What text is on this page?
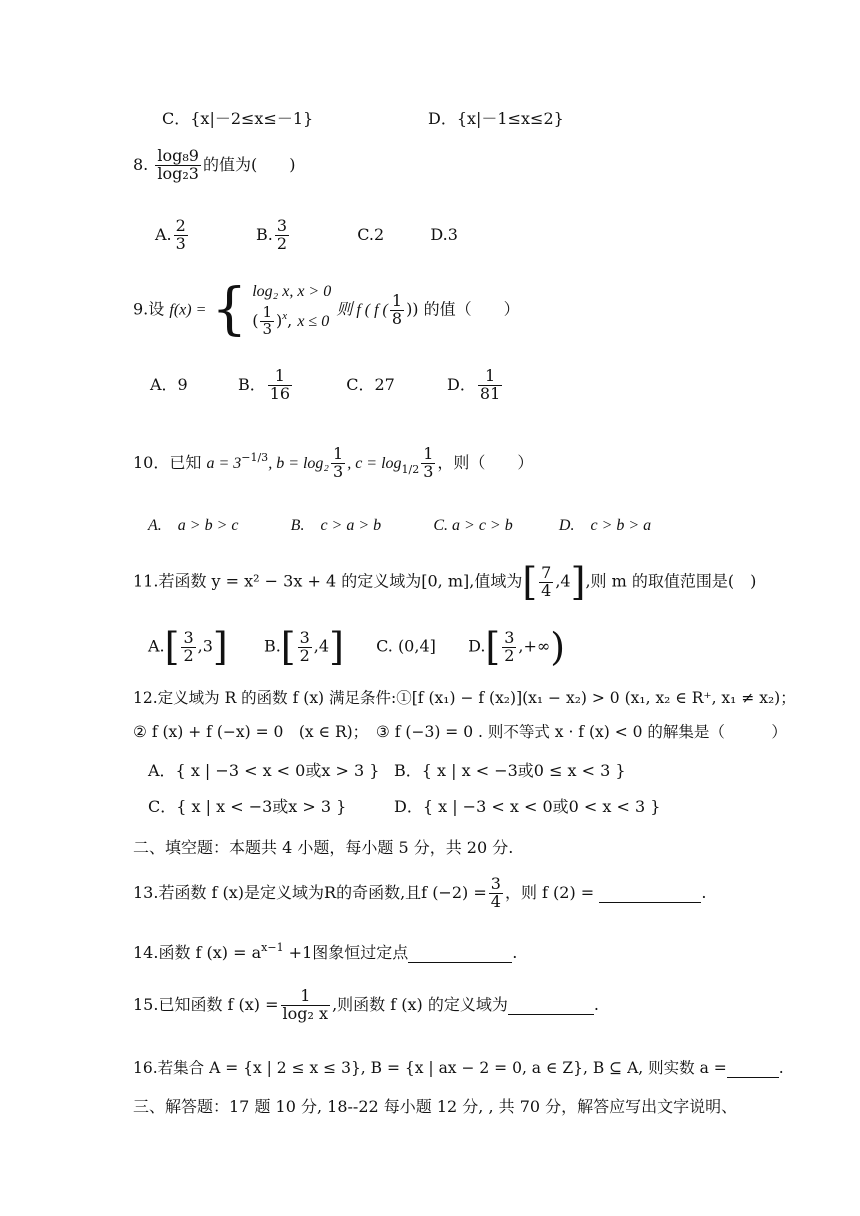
C．{x|－2≤x≤－1}	D．{x|－1≤x≤2}
8. $\frac{\text{log₈9}}{\text{log₂3}}$ 的值为(　　)
A. $\frac{2}{3}$	B. $\frac{3}{2}$	C.2	D.3
9.设 f(x) = { log₂ x, x > 0
( $\frac{1}{3} )^x$, x ≤ 0
则 f ( f ( $\frac{1}{8}$ )) 的值（　　）
A．9	B． $\frac{1}{16}$	C．27	D． $\frac{1}{81}$
10．已知 $a = 3^{-1/3}$, $b = \log_2 \frac{1}{3}$ , $c = \log_{1/2} \frac{1}{3}$ ，则（　　）
A.　a > b > c	B.　c > a > b	C. a > c > b	D.　c > b > a
11.若函数 y = x² − 3x + 4 的定义域为[0, m],值域为[ $\frac{7}{4} ,4$],则 m 的取值范围是(　)
$A.[ \frac{3}{2} ,3]$ $B.[ \frac{3}{2} ,4]$ C. (0,4] $D.[ \frac{3}{2}$ ,+∞)
12.定义域为 R 的函数 f (x) 满足条件:①[f (x₁) − f (x₂)](x₁ − x₂) > 0 (x₁, x₂ ∈ R⁺, x₁ ≠ x₂)；
② f (x) + f (−x) = 0　(x ∈ R)；　③ f (−3) = 0 . 则不等式 x · f (x) < 0 的解集是（　　　）
A．{ x | −3 < x < 0或x > 3 } B．{ x | x < −3或0 ≤ x < 3 }
C．{ x | x < −3或x > 3 }	D．{ x | −3 < x < 0或0 < x < 3 }
二、填空题：本题共 4 小题，每小题 5 分，共 20 分.
13.若函数 f (x)是定义域为R的奇函数,且f $(-2) = \frac{3}{4}$ ，则 f (2) =	.
14.函数 f $(x) = a^{x-1} +1$图象恒过定点	.
15.已知函数 f $(x) = \frac{1}{\text{log₂ x}}$ ,则函数 f (x) 的定义域为	.
16.若集合 A = {x | 2 ≤ x ≤ 3}, B = {x | ax − 2 = 0, a ∈ Z}, B ⊆ A, 则实数 a =	.
三、解答题：17 题 10 分, 18--22 每小题 12 分, , 共 70 分，解答应写出文字说明、
